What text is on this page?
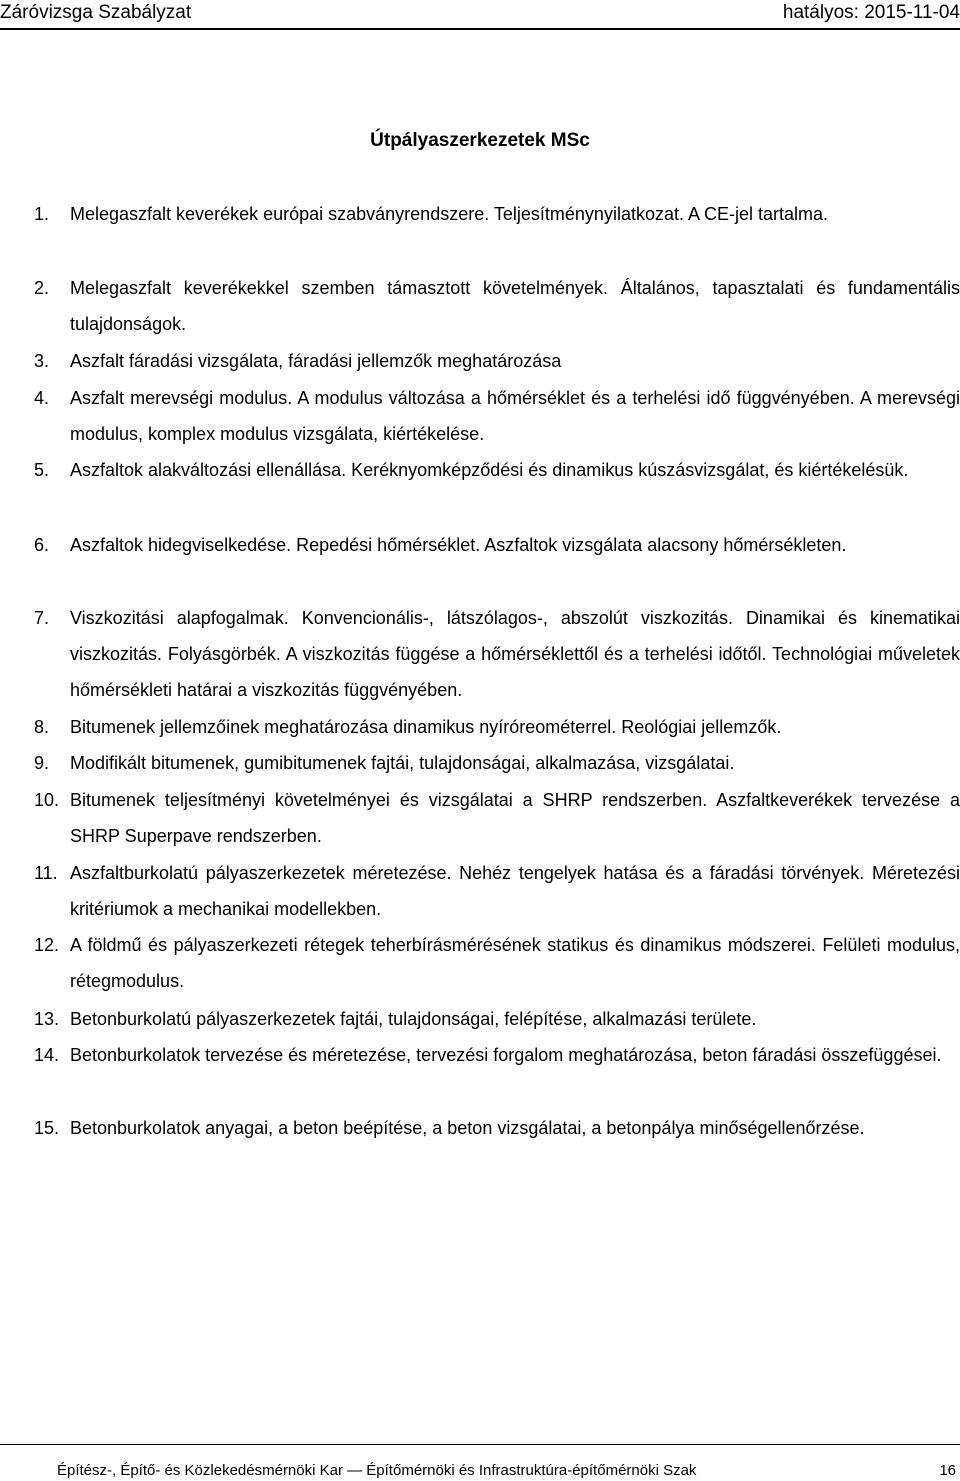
Záróvizsga Szabályzat	hatályos: 2015-11-04
Útpályaszerkezetek MSc
1. Melegaszfalt keverékek európai szabványrendszere. Teljesítménynyilatkozat. A CE-jel tartalma.
2. Melegaszfalt keverékekkel szemben támasztott követelmények. Általános, tapasztalati és fundamentális tulajdonságok.
3. Aszfalt fáradási vizsgálata, fáradási jellemzők meghatározása
4. Aszfalt merevségi modulus. A modulus változása a hőmérséklet és a terhelési idő függvényében. A merevségi modulus, komplex modulus vizsgálata, kiértékelése.
5. Aszfaltok alakváltozási ellenállása. Keréknyomképződési és dinamikus kúszásvizsgálat, és kiértékelésük.
6. Aszfaltok hidegviselkedése. Repedési hőmérséklet. Aszfaltok vizsgálata alacsony hőmérsékleten.
7. Viszkozitási alapfogalmak. Konvencionális-, látszólagos-, abszolút viszkozitás. Dinamikai és kinematikai viszkozitás. Folyásgörbék. A viszkozitás függése a hőmérséklettől és a terhelési időtől. Technológiai műveletek hőmérsékleti határai a viszkozitás függvényében.
8. Bitumenek jellemzőinek meghatározása dinamikus nyíróreométerrel. Reológiai jellemzők.
9. Modifikált bitumenek, gumibitumenek fajtái, tulajdonságai, alkalmazása, vizsgálatai.
10. Bitumenek teljesítményi követelményei és vizsgálatai a SHRP rendszerben. Aszfaltkeverékek tervezése a SHRP Superpave rendszerben.
11. Aszfaltburkolatú pályaszerkezetek méretezése. Nehéz tengelyek hatása és a fáradási törvények. Méretezési kritériumok a mechanikai modellekben.
12. A földmű és pályaszerkezeti rétegek teherbírásmérésének statikus és dinamikus módszerei. Felületi modulus, rétegmodulus.
13. Betonburkolatú pályaszerkezetek fajtái, tulajdonságai, felépítése, alkalmazási területe.
14. Betonburkolatok tervezése és méretezése, tervezési forgalom meghatározása, beton fáradási összefüggései.
15. Betonburkolatok anyagai, a beton beépítése, a beton vizsgálatai, a betonpálya minőségellenőrzése.
Építész-, Építő- és Közlekedésmérnöki Kar — Építőmérnöki és Infrastruktúra-építőmérnöki Szak	16
